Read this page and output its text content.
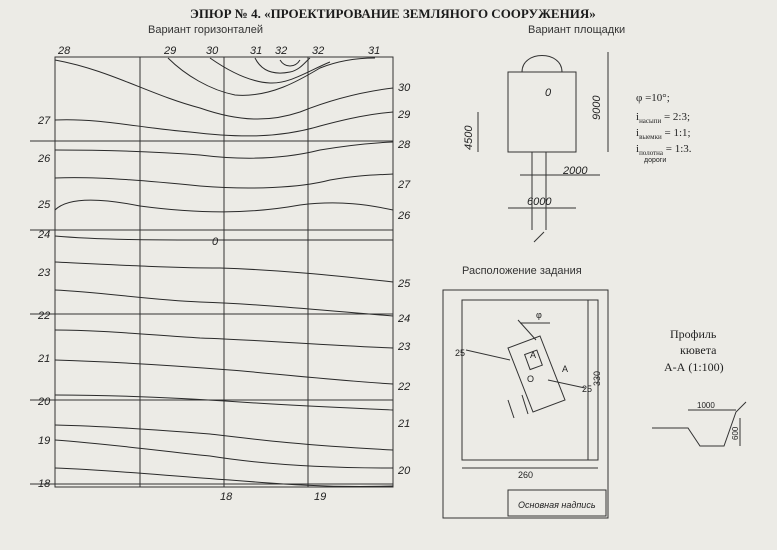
ЭПЮР № 4. «ПРОЕКТИРОВАНИЕ ЗЕМЛЯНОГО СООРУЖЕНИЯ»
Вариант горизонталей
28	29	30	31 32 32	31
27
26
25
24
23
22
21
20
19
18
30
29
28
27
26
25
24
23
22
21
20
18	19
0
Вариант площадки
0
9000
4500
2000
6000
φ =10°;
$i_{насыпи}$ = 2:3;
$i_{выемки}$ = 1:1;
$i_{полотна}$ = 1:3.
дороги
Расположение задания
φ
A
A
O
25
25
330
260
Основная надпись
Профиль
кювета
А-А (1:100)
1000
600
